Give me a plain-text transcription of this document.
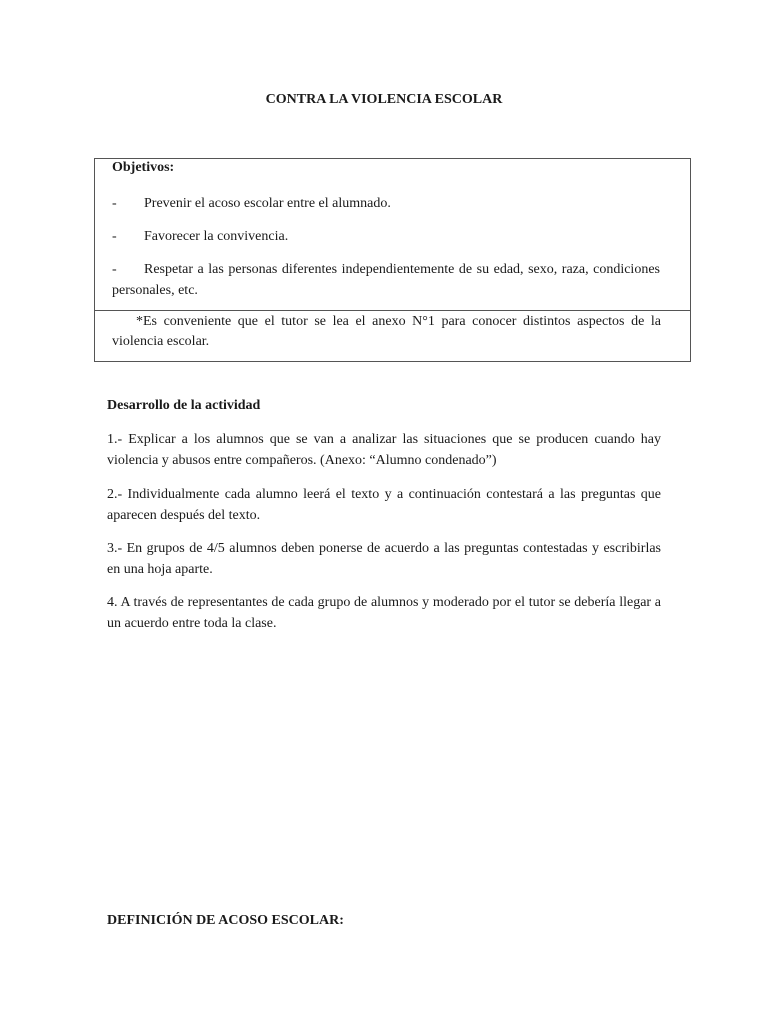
CONTRA LA VIOLENCIA ESCOLAR
Objetivos:
- Prevenir el acoso escolar entre el alumnado.
- Favorecer la convivencia.
- Respetar a las personas diferentes independientemente de su edad, sexo, raza, condiciones personales, etc.
*Es conveniente que el tutor se lea el anexo N°1 para conocer distintos aspectos de la violencia escolar.
Desarrollo de la actividad
1.- Explicar a los alumnos que se van a analizar las situaciones que se producen cuando hay violencia y abusos entre compañeros. (Anexo: “Alumno condenado”)
2.- Individualmente cada alumno leerá el texto y a continuación contestará a las preguntas que aparecen después del texto.
3.- En grupos de 4/5 alumnos deben ponerse de acuerdo a las preguntas contestadas y escribirlas en una hoja aparte.
4. A través de representantes de cada grupo de alumnos y moderado por el tutor se debería llegar a un acuerdo entre toda la clase.
DEFINICIÓN DE ACOSO ESCOLAR:
